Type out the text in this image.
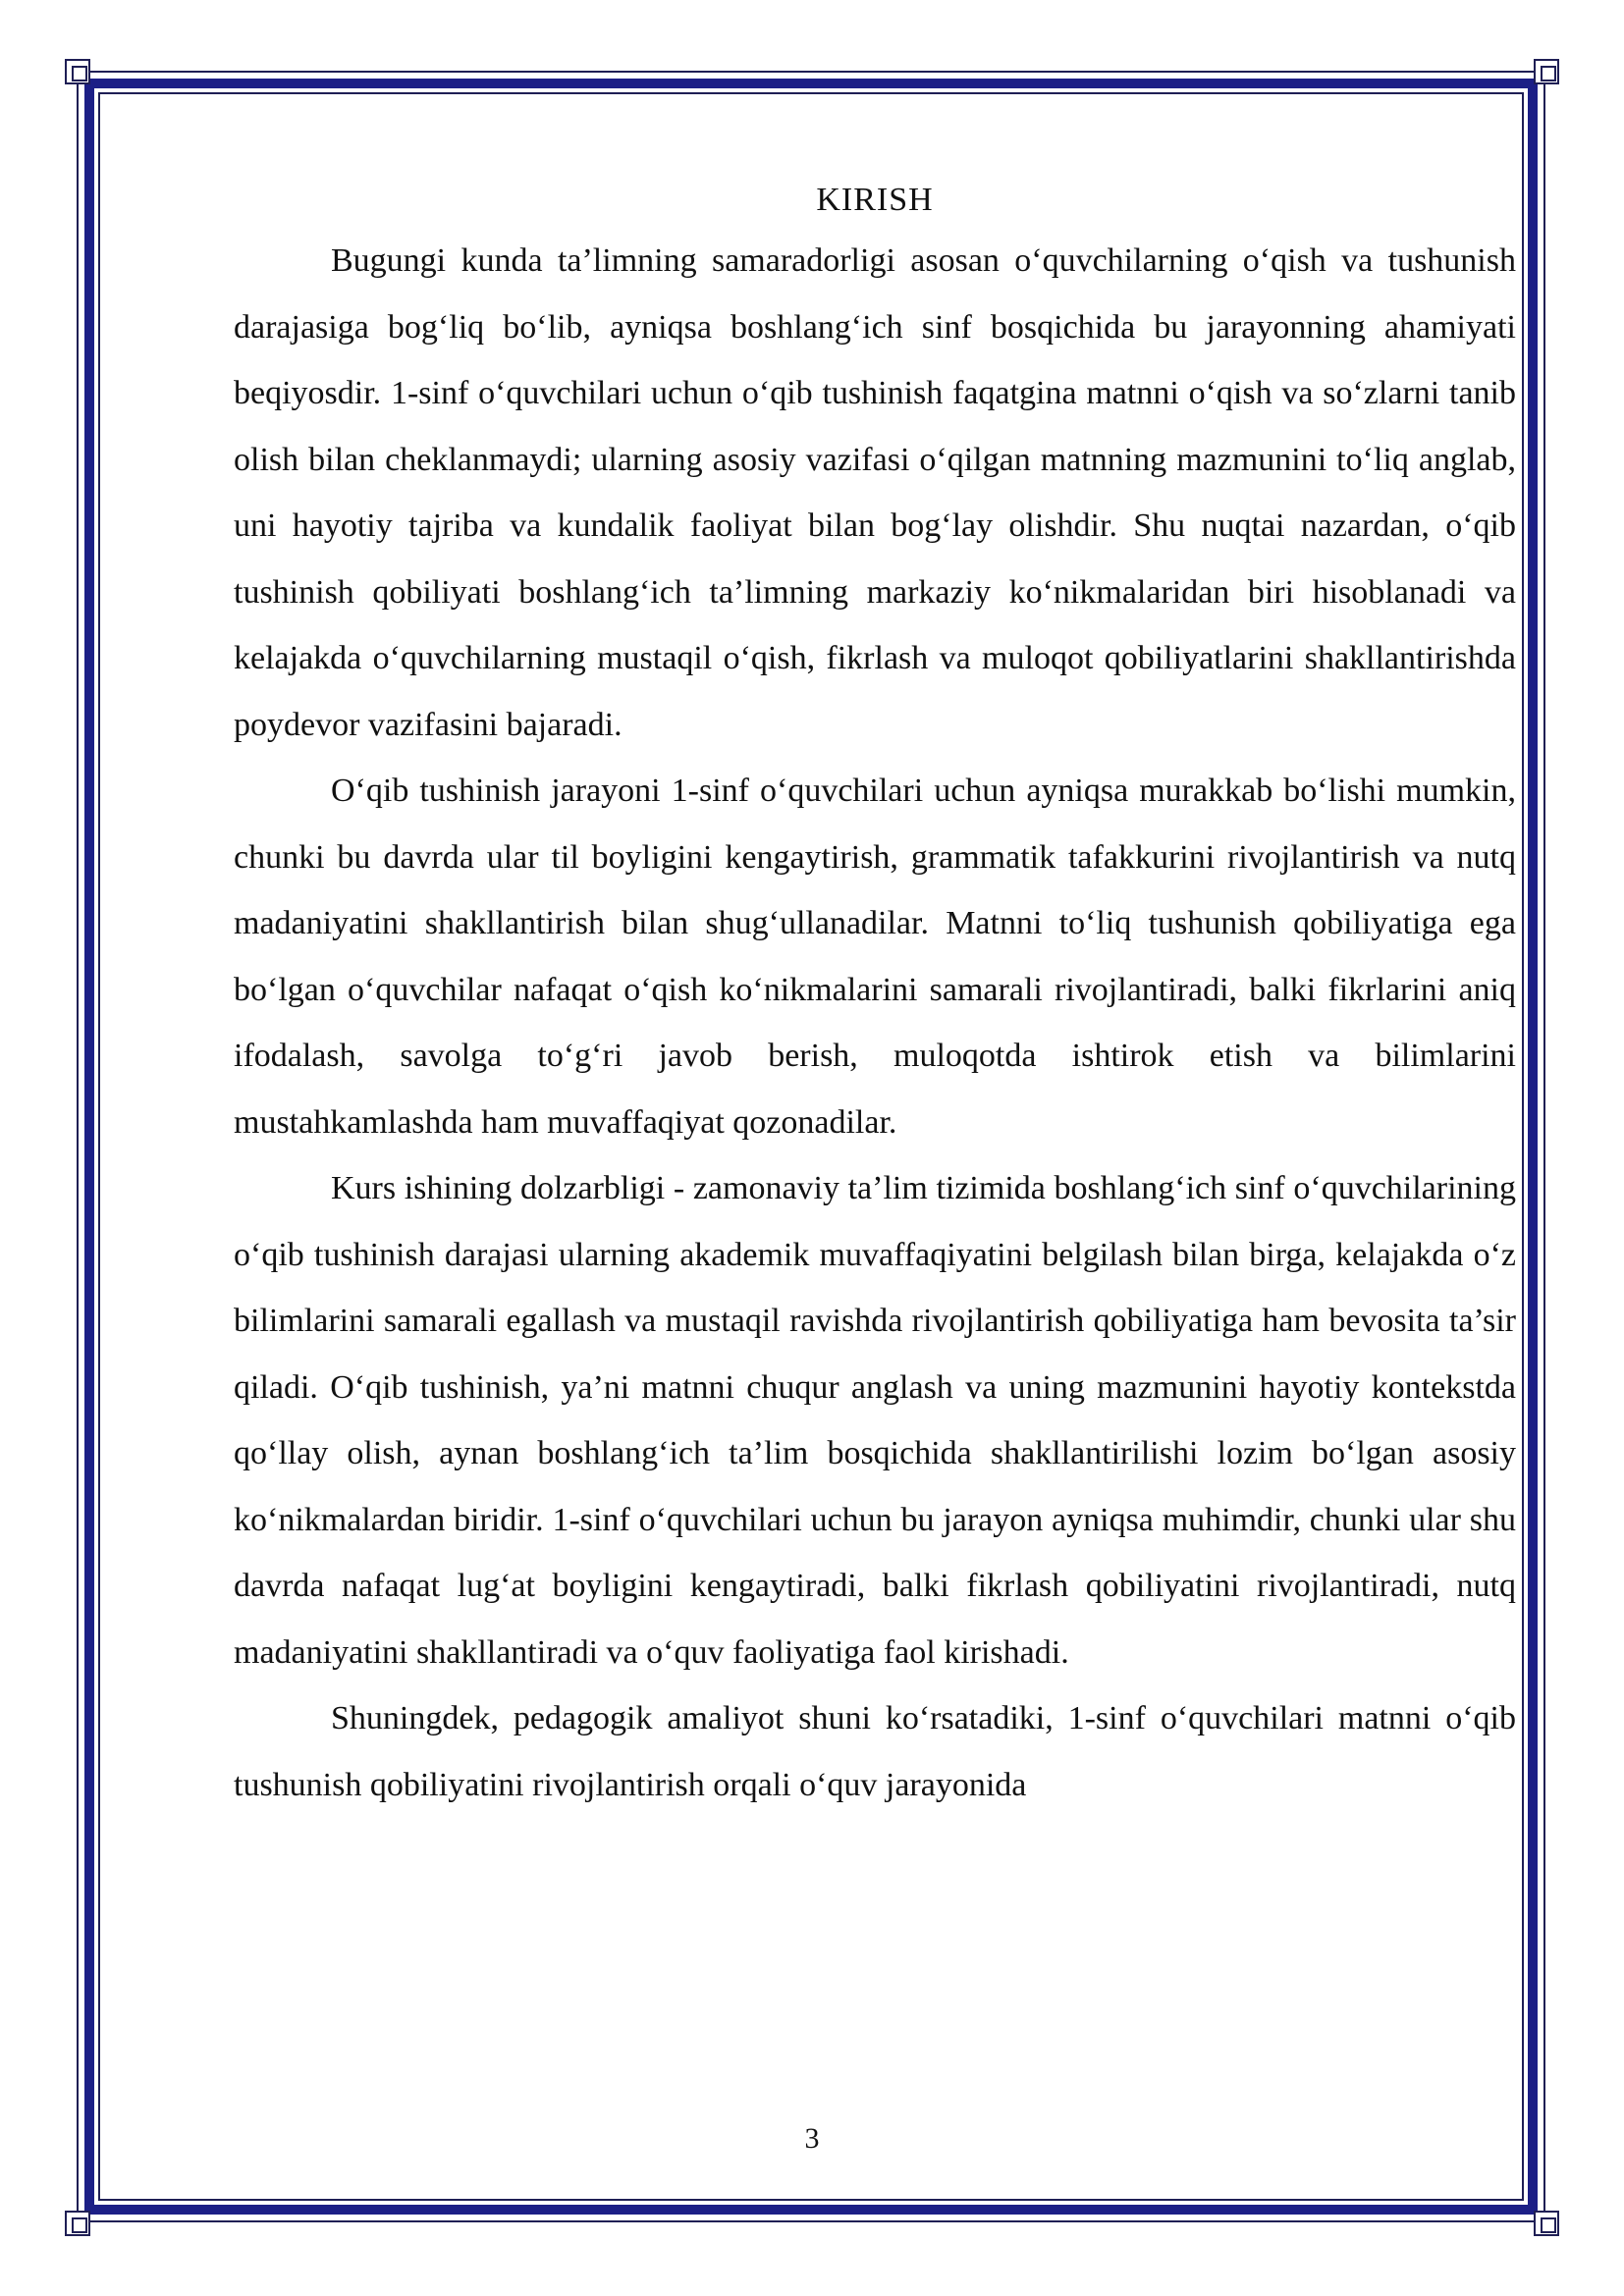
KIRISH

Bugungi kunda ta’limning samaradorligi asosan o‘quvchilarning o‘qish va tushunish darajasiga bog‘liq bo‘lib, ayniqsa boshlang‘ich sinf bosqichida bu jarayonning ahamiyati beqiyosdir. 1-sinf o‘quvchilari uchun o‘qib tushinish faqatgina matnni o‘qish va so‘zlarni tanib olish bilan cheklanmaydi; ularning asosiy vazifasi o‘qilgan matnning mazmunini to‘liq anglab, uni hayotiy tajriba va kundalik faoliyat bilan bog‘lay olishdir. Shu nuqtai nazardan, o‘qib tushinish qobiliyati boshlang‘ich ta’limning markaziy ko‘nikmalaridan biri hisoblanadi va kelajakda o‘quvchilarning mustaqil o‘qish, fikrlash va muloqot qobiliyatlarini shakllantirishda poydevor vazifasini bajaradi.

O‘qib tushinish jarayoni 1-sinf o‘quvchilari uchun ayniqsa murakkab bo‘lishi mumkin, chunki bu davrda ular til boyligini kengaytirish, grammatik tafakkurini rivojlantirish va nutq madaniyatini shakllantirish bilan shug‘ullanadilar. Matnni to‘liq tushunish qobiliyatiga ega bo‘lgan o‘quvchilar nafaqat o‘qish ko‘nikmalarini samarali rivojlantiradi, balki fikrlarini aniq ifodalash, savolga to‘g‘ri javob berish, muloqotda ishtirok etish va bilimlarini mustahkamlashda ham muvaffaqiyat qozonadilar.

Kurs ishining dolzarbligi - zamonaviy ta’lim tizimida boshlang‘ich sinf o‘quvchilarining o‘qib tushinish darajasi ularning akademik muvaffaqiyatini belgilash bilan birga, kelajakda o‘z bilimlarini samarali egallash va mustaqil ravishda rivojlantirish qobiliyatiga ham bevosita ta’sir qiladi. O‘qib tushinish, ya’ni matnni chuqur anglash va uning mazmunini hayotiy kontekstda qo‘llay olish, aynan boshlang‘ich ta’lim bosqichida shakllantirilishi lozim bo‘lgan asosiy ko‘nikmalardan biridir. 1-sinf o‘quvchilari uchun bu jarayon ayniqsa muhimdir, chunki ular shu davrda nafaqat lug‘at boyligini kengaytiradi, balki fikrlash qobiliyatini rivojlantiradi, nutq madaniyatini shakllantiradi va o‘quv faoliyatiga faol kirishadi.

Shuningdek, pedagogik amaliyot shuni ko‘rsatadiki, 1-sinf o‘quvchilari matnni o‘qib tushunish qobiliyatini rivojlantirish orqali o‘quv jarayonida

3
